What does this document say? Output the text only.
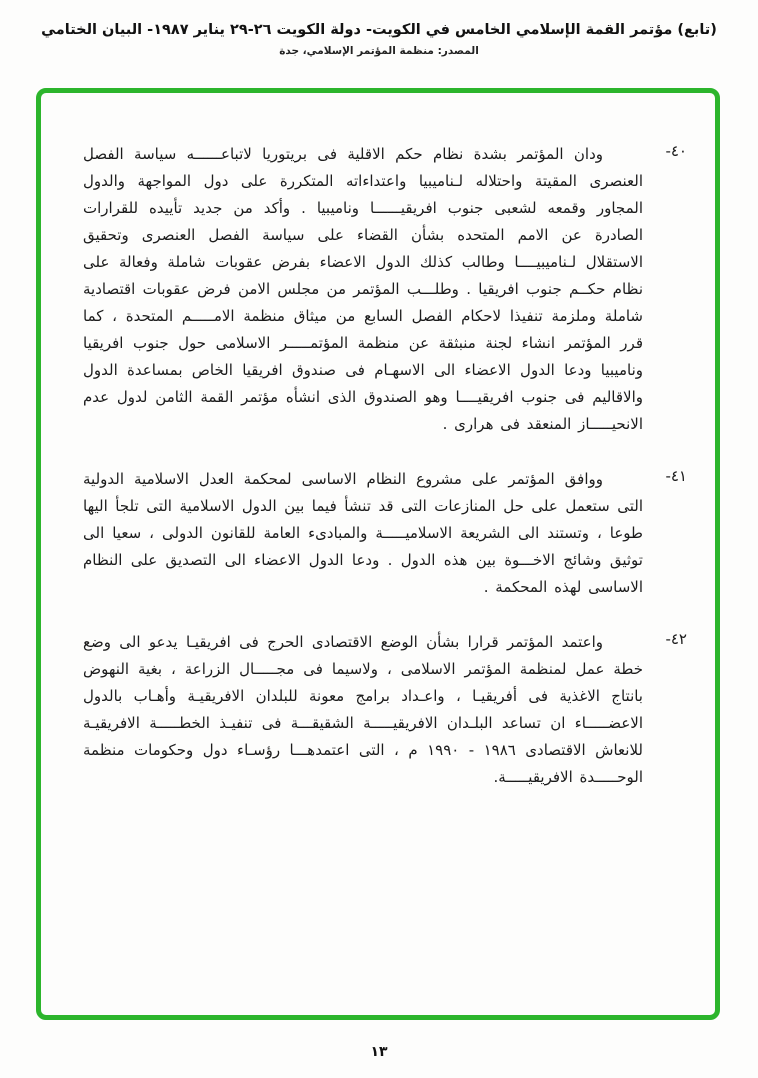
(تابع) مؤتمر القمة الإسلامي الخامس في الكويت- دولة الكويت ٢٦-٢٩ يناير ١٩٨٧- البيان الختامي
المصدر: منظمة المؤتمر الإسلامي، جدة
-٤٠
ودان المؤتمر بشدة نظام حكم الاقلية فى بريتوريا لاتباعــــــه سياسة الفصل العنصرى المقيتة واحتلاله لـناميبيا واعتداءاته المتكررة على دول المواجهة والدول المجاور وقمعه لشعبى جنوب افريقيــــــا وناميبيا . وأكد من جديد تأييده للقرارات الصادرة عن الامم المتحده بشأن القضاء على سياسة الفصل العنصرى وتحقيق الاستقلال لـناميبيــــا وطالب كذلك الدول الاعضاء بفرض عقوبات شاملة وفعالة على نظام حكــم جنوب افريقيا . وطلـــب المؤتمر من مجلس الامن فرض عقوبات اقتصادية شاملة وملزمة تنفيذا لاحكام الفصل السابع من ميثاق منظمة الامـــــم المتحدة ، كما قرر المؤتمر انشاء لجنة منبثقة عن منظمة المؤتمـــــر الاسلامى حول جنوب افريقيا وناميبيا ودعا الدول الاعضاء الى الاسهـام فى صندوق افريقيا الخاص بمساعدة الدول والاقاليم فى جنوب افريقيــــا وهو الصندوق الذى انشأه مؤتمر القمة الثامن لدول عدم الانحيـــــاز المنعقد فى هرارى .
-٤١
ووافق المؤتمر على مشروع النظام الاساسى لمحكمة العدل الاسلامية الدولية التى ستعمل على حل المنازعات التى قد تنشأ فيما بين الدول الاسلامية التى تلجأ اليها طوعا ، وتستند الى الشريعة الاسلاميـــــة والمبادىء العامة للقانون الدولى ، سعيا الى توثيق وشائج الاخـــوة بين هذه الدول . ودعا الدول الاعضاء الى التصديق على النظام الاساسى لهذه المحكمة .
-٤٢
واعتمد المؤتمر قرارا بشأن الوضع الاقتصادى الحرج فى افريقيـا يدعو الى وضع خطة عمل لمنظمة المؤتمر الاسلامى ، ولاسيما فى مجـــــال الزراعة ، بغية النهوض بانتاج الاغذية فى أفريقيـا ، واعـداد برامج معونة للبلدان الافريقيـة وأهـاب بالدول الاعضـــــاء ان تساعد البلـدان الافريقيـــــة الشقيقـــة فى تنفيـذ الخطـــــة الافريقيـة للانعاش الاقتصادى ١٩٨٦ - ١٩٩٠ م ، التى اعتمدهـــا رؤسـاء دول وحكومات منظمة الوحـــــدة الافريقيـــــة.
١٣
